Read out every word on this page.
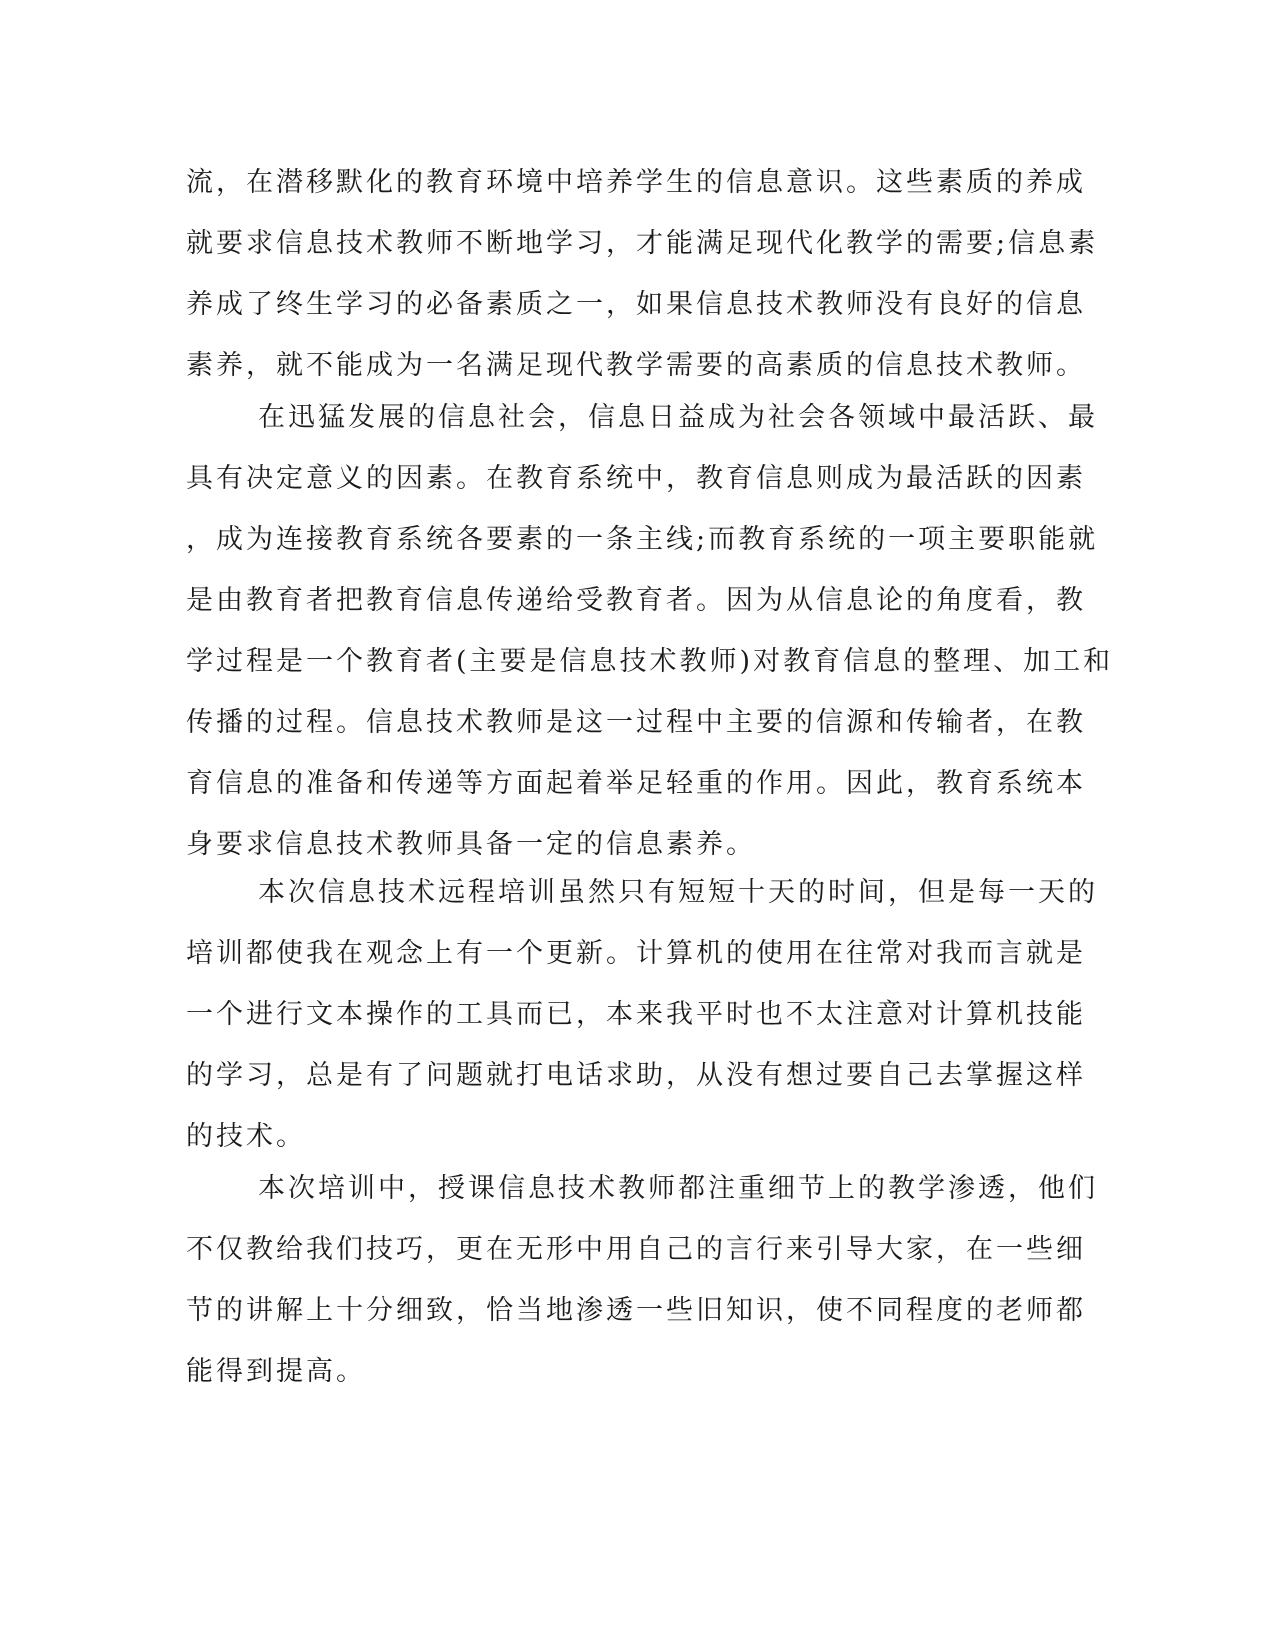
流，在潜移默化的教育环境中培养学生的信息意识。这些素质的养成
就要求信息技术教师不断地学习，才能满足现代化教学的需要;信息素
养成了终生学习的必备素质之一，如果信息技术教师没有良好的信息
素养，就不能成为一名满足现代教学需要的高素质的信息技术教师。
在迅猛发展的信息社会，信息日益成为社会各领域中最活跃、最
具有决定意义的因素。在教育系统中，教育信息则成为最活跃的因素
，成为连接教育系统各要素的一条主线;而教育系统的一项主要职能就
是由教育者把教育信息传递给受教育者。因为从信息论的角度看，教
学过程是一个教育者(主要是信息技术教师)对教育信息的整理、加工和
传播的过程。信息技术教师是这一过程中主要的信源和传输者，在教
育信息的准备和传递等方面起着举足轻重的作用。因此，教育系统本
身要求信息技术教师具备一定的信息素养。
本次信息技术远程培训虽然只有短短十天的时间，但是每一天的
培训都使我在观念上有一个更新。计算机的使用在往常对我而言就是
一个进行文本操作的工具而已，本来我平时也不太注意对计算机技能
的学习，总是有了问题就打电话求助，从没有想过要自己去掌握这样
的技术。
本次培训中，授课信息技术教师都注重细节上的教学渗透，他们
不仅教给我们技巧，更在无形中用自己的言行来引导大家，在一些细
节的讲解上十分细致，恰当地渗透一些旧知识，使不同程度的老师都
能得到提高。
